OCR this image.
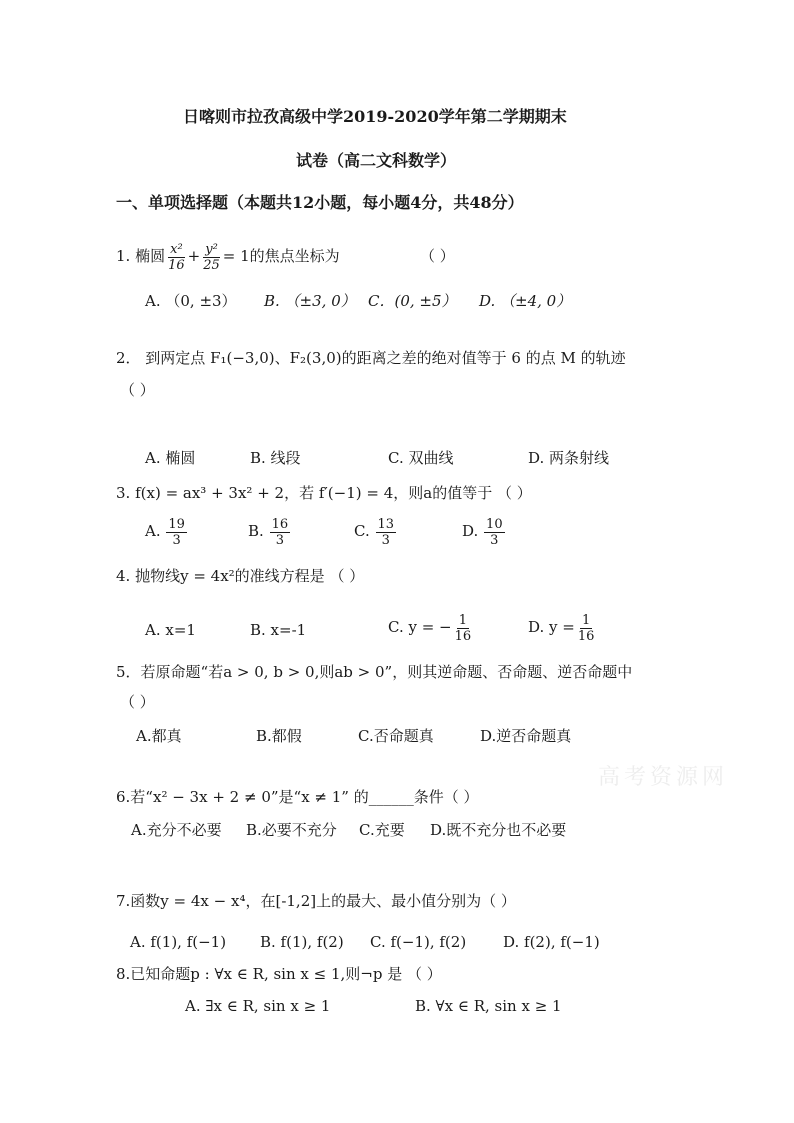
高考资源网
日喀则市拉孜高级中学2019-2020学年第二学期期末
试卷（高二文科数学）
一、单项选择题（本题共12小题，每小题4分，共48分）
1. 椭圆 $\frac{\text{x²}}{16} + \frac{\text{y²}}{25} = 1$的焦点坐标为	（ ）
A. （0, ±3） B. （±3, 0） C．(0, ±5） D. （±4, 0）
2． 到两定点 F₁(−3,0)、F₂(3,0)的距离之差的绝对值等于 6 的点 M 的轨迹
（ ）
A. 椭圆	B. 线段	C. 双曲线	D. 两条射线
3. f(x) = ax³ + 3x² + 2，若 f′(−1) = 4，则a的值等于 （ ）
A. $\frac{19}{3}$	B. $\frac{16}{3}$	C. $\frac{13}{3}$	D. $\frac{10}{3}$
4. 抛物线y = 4x²的准线方程是 （ ）
A. x=1	B. x=-1	C. y = − $\frac{1}{16}$	D. $y = \frac{1}{16}$
5．若原命题“若a > 0, b > 0,则ab > 0”，则其逆命题、否命题、逆否命题中
（ ）
A.都真	B.都假	C.否命题真	D.逆否命题真
6.若“x² − 3x + 2 ≠ 0”是“x ≠ 1” 的______条件（ ）
A.充分不必要 B.必要不充分 C.充要 D.既不充分也不必要
7.函数y = 4x − x⁴，在[-1,2]上的最大、最小值分别为（ ）
A. f(1), f(−1) B. f(1), f(2) C. f(−1), f(2) D. f(2), f(−1)
8.已知命题p : ∀x ∈ R, sin x ≤ 1,则¬p 是 （ ）
A. ∃x ∈ R, sin x ≥ 1	B. ∀x ∈ R, sin x ≥ 1
